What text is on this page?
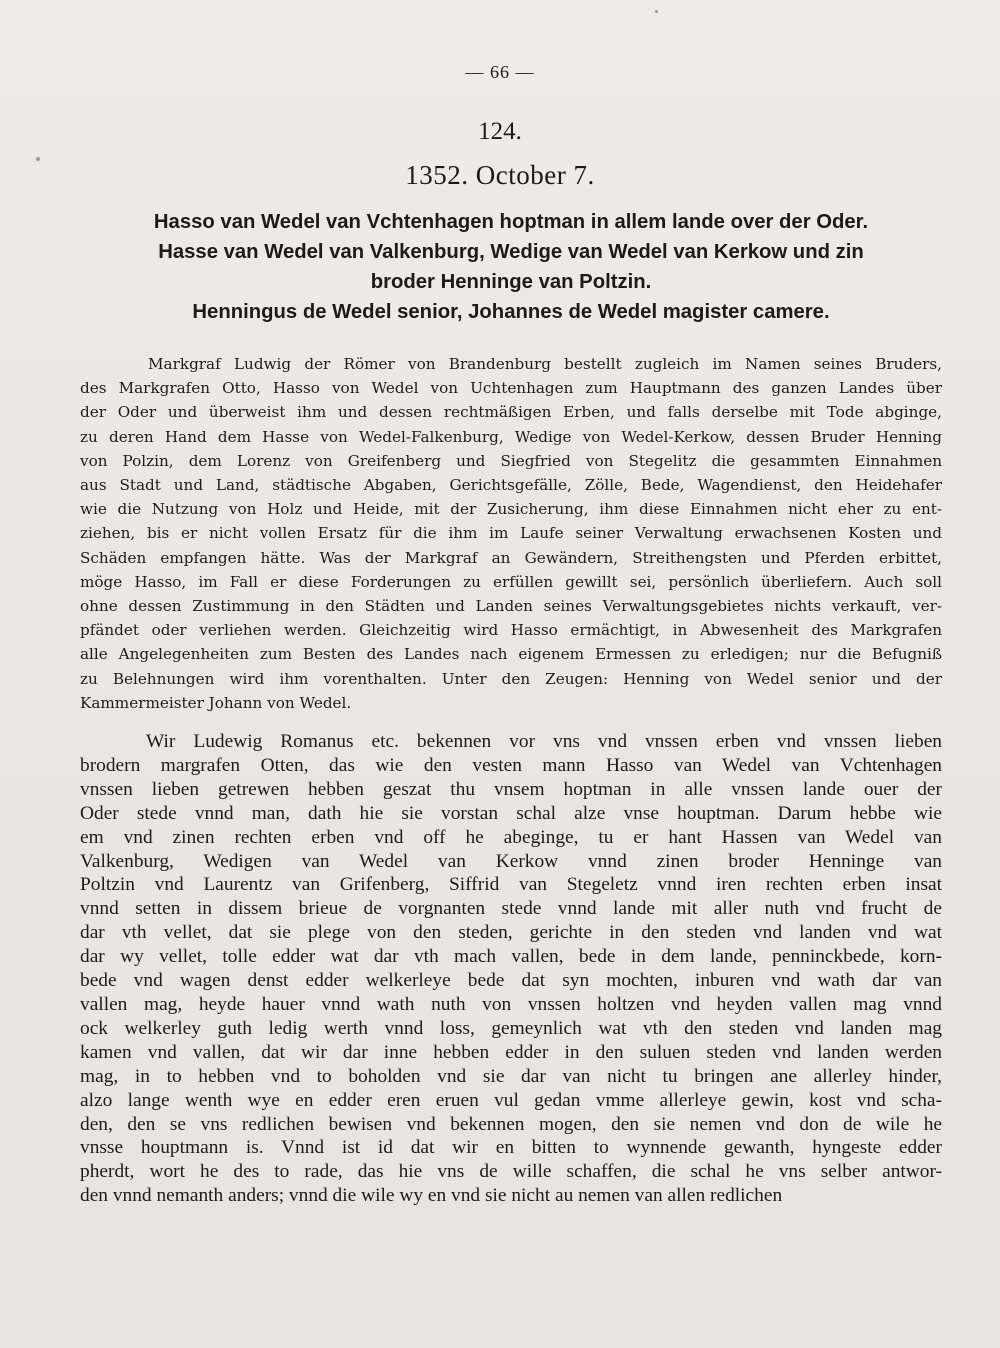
— 66 —
124.
1352. October 7.
Hasso van Wedel van Vchtenhagen hoptman in allem lande over der Oder.
Hasse van Wedel van Valkenburg, Wedige van Wedel van Kerkow und zin
broder Henninge van Poltzin.
Henningus de Wedel senior, Johannes de Wedel magister camere.
Markgraf Ludwig der Römer von Brandenburg bestellt zugleich im Namen seines Bruders,
des Markgrafen Otto, Hasso von Wedel von Uchtenhagen zum Hauptmann des ganzen Landes über
der Oder und überweist ihm und dessen rechtmäßigen Erben, und falls derselbe mit Tode abginge,
zu deren Hand dem Hasse von Wedel-Falkenburg, Wedige von Wedel-Kerkow, dessen Bruder Henning
von Polzin, dem Lorenz von Greifenberg und Siegfried von Stegelitz die gesammten Einnahmen
aus Stadt und Land, städtische Abgaben, Gerichtsgefälle, Zölle, Bede, Wagendienst, den Heidehafer
wie die Nutzung von Holz und Heide, mit der Zusicherung, ihm diese Einnahmen nicht eher zu ent-
ziehen, bis er nicht vollen Ersatz für die ihm im Laufe seiner Verwaltung erwachsenen Kosten und
Schäden empfangen hätte. Was der Markgraf an Gewändern, Streithengsten und Pferden erbittet,
möge Hasso, im Fall er diese Forderungen zu erfüllen gewillt sei, persönlich überliefern. Auch soll
ohne dessen Zustimmung in den Städten und Landen seines Verwaltungsgebietes nichts verkauft, ver-
pfändet oder verliehen werden. Gleichzeitig wird Hasso ermächtigt, in Abwesenheit des Markgrafen
alle Angelegenheiten zum Besten des Landes nach eigenem Ermessen zu erledigen; nur die Befugniß
zu Belehnungen wird ihm vorenthalten. Unter den Zeugen: Henning von Wedel senior und der
Kammermeister Johann von Wedel.
Wir Ludewig Romanus etc. bekennen vor vns vnd vnssen erben vnd vnssen lieben
brodern margrafen Otten, das wie den vesten mann Hasso van Wedel van Vchtenhagen
vnssen lieben getrewen hebben geszat thu vnsem hoptman in alle vnssen lande ouer der
Oder stede vnnd man, dath hie sie vorstan schal alze vnse houptman. Darum hebbe wie
em vnd zinen rechten erben vnd off he abeginge, tu er hant Hassen van Wedel van
Valkenburg, Wedigen van Wedel van Kerkow vnnd zinen broder Henninge van
Poltzin vnd Laurentz van Grifenberg, Siffrid van Stegeletz vnnd iren rechten erben insat
vnnd setten in dissem brieue de vorgnanten stede vnnd lande mit aller nuth vnd frucht de
dar vth vellet, dat sie plege von den steden, gerichte in den steden vnd landen vnd wat
dar wy vellet, tolle edder wat dar vth mach vallen, bede in dem lande, penninckbede, korn-
bede vnd wagen denst edder welkerleye bede dat syn mochten, inburen vnd wath dar van
vallen mag, heyde hauer vnnd wath nuth von vnssen holtzen vnd heyden vallen mag vnnd
ock welkerley guth ledig werth vnnd loss, gemeynlich wat vth den steden vnd landen mag
kamen vnd vallen, dat wir dar inne hebben edder in den suluen steden vnd landen werden
mag, in to hebben vnd to boholden vnd sie dar van nicht tu bringen ane allerley hinder,
alzo lange wenth wye en edder eren eruen vul gedan vmme allerleye gewin, kost vnd scha-
den, den se vns redlichen bewisen vnd bekennen mogen, den sie nemen vnd don de wile he
vnsse houptmann is. Vnnd ist id dat wir en bitten to wynnende gewanth, hyngeste edder
pherdt, wort he des to rade, das hie vns de wille schaffen, die schal he vns selber antwor-
den vnnd nemanth anders; vnnd die wile wy en vnd sie nicht au nemen van allen redlichen
